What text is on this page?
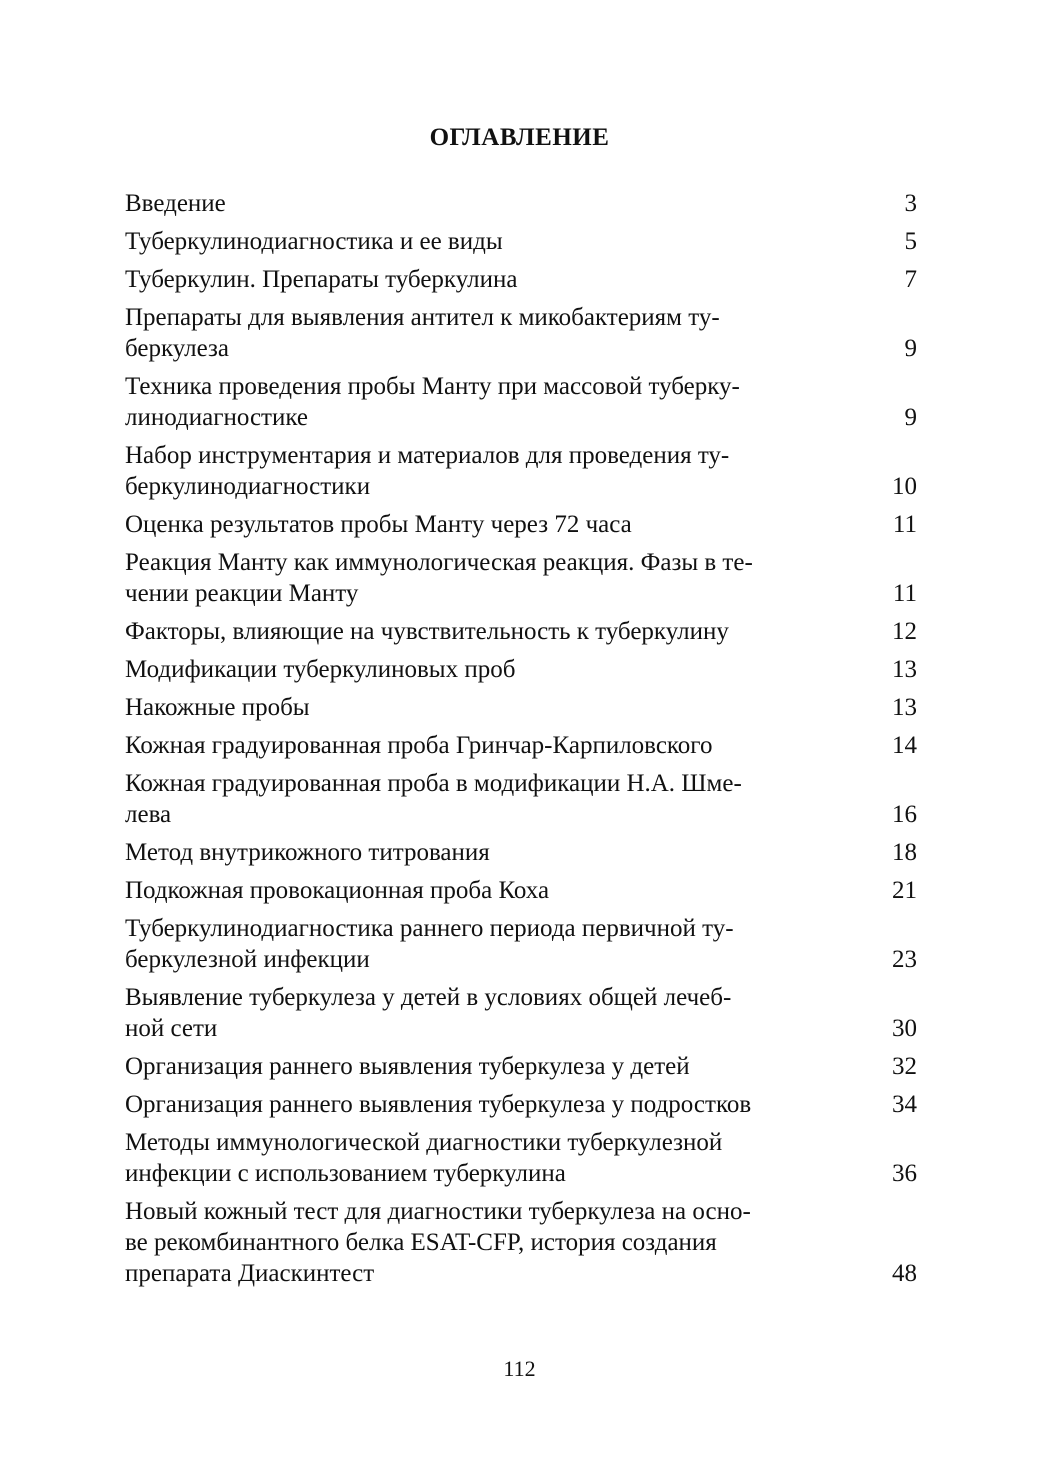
ОГЛАВЛЕНИЕ
Введение	3
Туберкулинодиагностика и ее виды	5
Туберкулин. Препараты туберкулина	7
Препараты для выявления антител к микобактериям ту-
беркулеза	9
Техника проведения пробы Манту при массовой туберку-
линодиагностике	9
Набор инструментария и материалов для проведения ту-
беркулинодиагностики	10
Оценка результатов пробы Манту через 72 часа	11
Реакция Манту как иммунологическая реакция. Фазы в те-
чении реакции Манту	11
Факторы, влияющие на чувствительность к туберкулину	12
Модификации туберкулиновых проб	13
Накожные пробы	13
Кожная градуированная проба Гринчар-Карпиловского	14
Кожная градуированная проба в модификации Н.А. Шме-
лева	16
Метод внутрикожного титрования	18
Подкожная провокационная проба Коха	21
Туберкулинодиагностика раннего периода первичной ту-
беркулезной инфекции	23
Выявление туберкулеза у детей в условиях общей лечеб-
ной сети	30
Организация раннего выявления туберкулеза у детей	32
Организация раннего выявления туберкулеза у подростков	34
Методы иммунологической диагностики туберкулезной
инфекции с использованием туберкулина	36
Новый кожный тест для диагностики туберкулеза на осно-
ве рекомбинантного белка ESAT-CFP, история создания
препарата Диаскинтест	48
112
